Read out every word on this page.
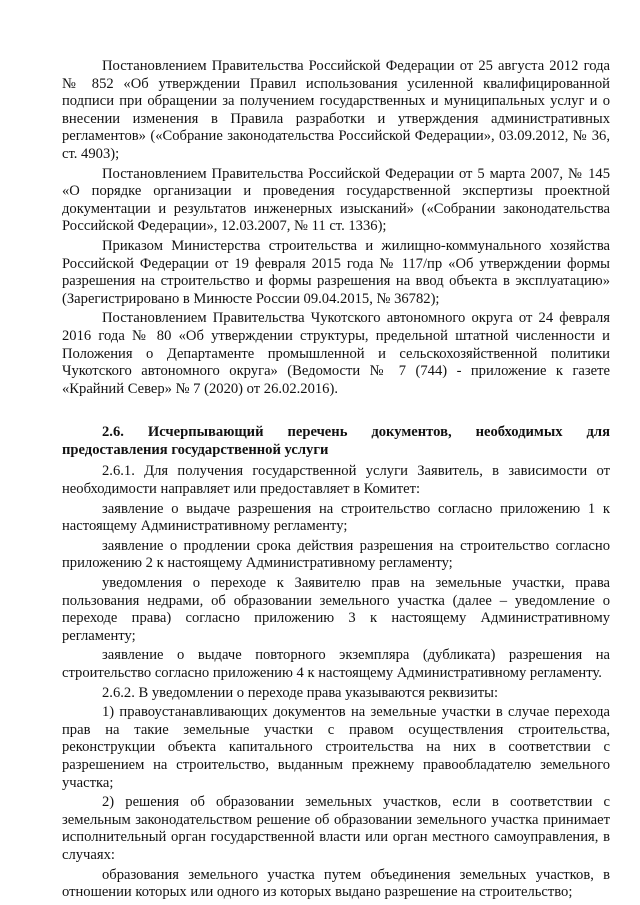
Постановлением Правительства Российской Федерации от 25 августа 2012 года № 852 «Об утверждении Правил использования усиленной квалифицированной подписи при обращении за получением государственных и муниципальных услуг и о внесении изменения в Правила разработки и утверждения административных регламентов» («Собрание законодательства Российской Федерации», 03.09.2012, № 36, ст. 4903);

Постановлением Правительства Российской Федерации от 5 марта 2007, № 145 «О порядке организации и проведения государственной экспертизы проектной документации и результатов инженерных изысканий» («Собрании законодательства Российской Федерации», 12.03.2007, № 11 ст. 1336);

Приказом Министерства строительства и жилищно-коммунального хозяйства Российской Федерации от 19 февраля 2015 года № 117/пр «Об утверждении формы разрешения на строительство и формы разрешения на ввод объекта в эксплуатацию» (Зарегистрировано в Минюсте России 09.04.2015, № 36782);

Постановлением Правительства Чукотского автономного округа от 24 февраля 2016 года № 80 «Об утверждении структуры, предельной штатной численности и Положения о Департаменте промышленной и сельскохозяйственной политики Чукотского автономного округа» (Ведомости № 7 (744) - приложение к газете «Крайний Север» № 7 (2020) от 26.02.2016).

2.6. Исчерпывающий перечень документов, необходимых для предоставления государственной услуги

2.6.1. Для получения государственной услуги Заявитель, в зависимости от необходимости направляет или предоставляет в Комитет:

заявление о выдаче разрешения на строительство согласно приложению 1 к настоящему Административному регламенту;

заявление о продлении срока действия разрешения на строительство согласно приложению 2 к настоящему Административному регламенту;

уведомления о переходе к Заявителю прав на земельные участки, права пользования недрами, об образовании земельного участка (далее – уведомление о переходе права) согласно приложению 3 к настоящему Административному регламенту;

заявление о выдаче повторного экземпляра (дубликата) разрешения на строительство согласно приложению 4 к настоящему Административному регламенту.

2.6.2. В уведомлении о переходе права указываются реквизиты:

1) правоустанавливающих документов на земельные участки в случае перехода прав на такие земельные участки с правом осуществления строительства, реконструкции объекта капитального строительства на них в соответствии с разрешением на строительство, выданным прежнему правообладателю земельного участка;

2) решения об образовании земельных участков, если в соответствии с земельным законодательством решение об образовании земельного участка принимает исполнительный орган государственной власти или орган местного самоуправления, в случаях:

образования земельного участка путем объединения земельных участков, в отношении которых или одного из которых выдано разрешение на строительство;
